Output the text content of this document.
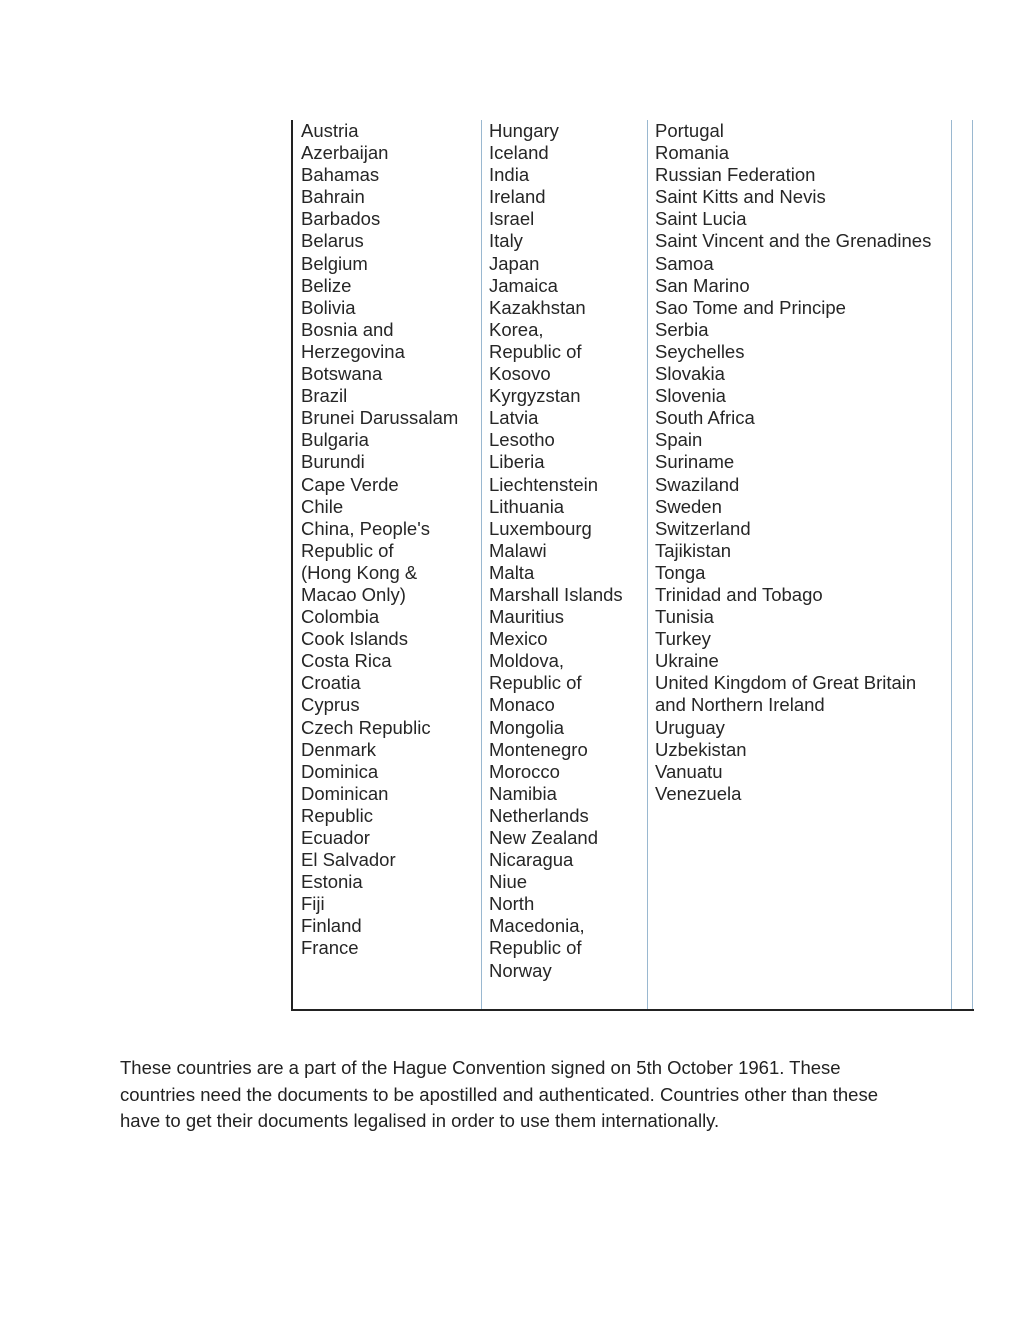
Austria
Azerbaijan
Bahamas
Bahrain
Barbados
Belarus
Belgium
Belize
Bolivia
Bosnia and
Herzegovina
Botswana
Brazil
Brunei Darussalam
Bulgaria
Burundi
Cape Verde
Chile
China, People's
Republic of
(Hong Kong &
Macao Only)
Colombia
Cook Islands
Costa Rica
Croatia
Cyprus
Czech Republic
Denmark
Dominica
Dominican
Republic
Ecuador
El Salvador
Estonia
Fiji
Finland
France
Hungary
Iceland
India
Ireland
Israel
Italy
Japan
Jamaica
Kazakhstan
Korea,
Republic of
Kosovo
Kyrgyzstan
Latvia
Lesotho
Liberia
Liechtenstein
Lithuania
Luxembourg
Malawi
Malta
Marshall Islands
Mauritius
Mexico
Moldova,
Republic of
Monaco
Mongolia
Montenegro
Morocco
Namibia
Netherlands
New Zealand
Nicaragua
Niue
North
Macedonia,
Republic of
Norway
Portugal
Romania
Russian Federation
Saint Kitts and Nevis
Saint Lucia
Saint Vincent and the Grenadines
Samoa
San Marino
Sao Tome and Principe
Serbia
Seychelles
Slovakia
Slovenia
South Africa
Spain
Suriname
Swaziland
Sweden
Switzerland
Tajikistan
Tonga
Trinidad and Tobago
Tunisia
Turkey
Ukraine
United Kingdom of Great Britain
and Northern Ireland
Uruguay
Uzbekistan
Vanuatu
Venezuela

These countries are a part of the Hague Convention signed on 5th October 1961. These countries need the documents to be apostilled and authenticated. Countries other than these have to get their documents legalised in order to use them internationally.
